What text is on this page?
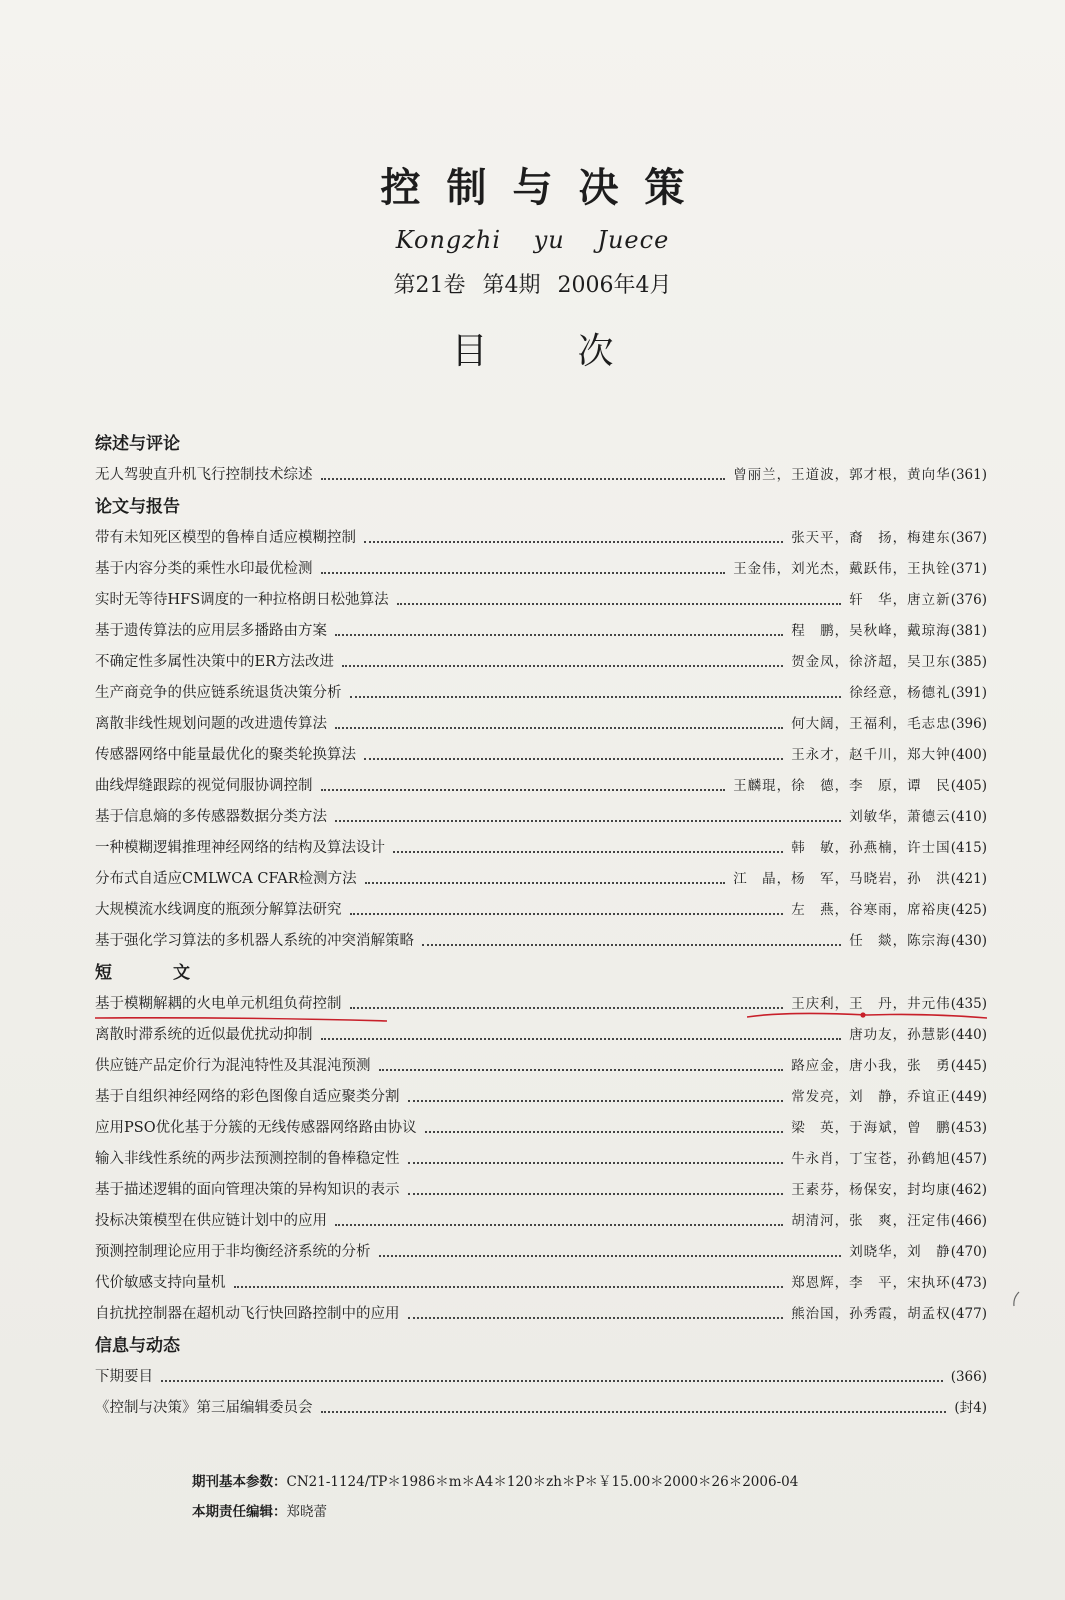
控制与决策
Kongzhi yu Juece
第21卷 第4期 2006年4月
目次
综述与评论
无人驾驶直升机飞行控制技术综述	曾丽兰，王道波，郭才根，黄向华 (361)
论文与报告
带有未知死区模型的鲁棒自适应模糊控制	张天平，裔　扬，梅建东 (367)
基于内容分类的乘性水印最优检测	王金伟，刘光杰，戴跃伟，王执铨 (371)
实时无等待HFS调度的一种拉格朗日松弛算法	轩　华，唐立新 (376)
基于遗传算法的应用层多播路由方案	程　鹏，吴秋峰，戴琼海 (381)
不确定性多属性决策中的ER方法改进	贺金凤，徐济超，吴卫东 (385)
生产商竞争的供应链系统退货决策分析	徐经意，杨德礼 (391)
离散非线性规划问题的改进遗传算法	何大阔，王福利，毛志忠 (396)
传感器网络中能量最优化的聚类轮换算法	王永才，赵千川，郑大钟 (400)
曲线焊缝跟踪的视觉伺服协调控制	王麟琨，徐　德，李　原，谭　民 (405)
基于信息熵的多传感器数据分类方法	刘敏华，萧德云 (410)
一种模糊逻辑推理神经网络的结构及算法设计	韩　敏，孙燕楠，许士国 (415)
分布式自适应CMLWCA CFAR检测方法	江　晶，杨　军，马晓岩，孙　洪 (421)
大规模流水线调度的瓶颈分解算法研究	左　燕，谷寒雨，席裕庚 (425)
基于强化学习算法的多机器人系统的冲突消解策略	任　燚，陈宗海 (430)
短　文
基于模糊解耦的火电单元机组负荷控制	王庆利，王　丹，井元伟 (435)
离散时滞系统的近似最优扰动抑制	唐功友，孙慧影 (440)
供应链产品定价行为混沌特性及其混沌预测	路应金，唐小我，张　勇 (445)
基于自组织神经网络的彩色图像自适应聚类分割	常发亮，刘　静，乔谊正 (449)
应用PSO优化基于分簇的无线传感器网络路由协议	梁　英，于海斌，曾　鹏 (453)
输入非线性系统的两步法预测控制的鲁棒稳定性	牛永肖，丁宝苍，孙鹤旭 (457)
基于描述逻辑的面向管理决策的异构知识的表示	王素芬，杨保安，封均康 (462)
投标决策模型在供应链计划中的应用	胡清河，张　爽，汪定伟 (466)
预测控制理论应用于非均衡经济系统的分析	刘晓华，刘　静 (470)
代价敏感支持向量机	郑恩辉，李　平，宋执环 (473)
自抗扰控制器在超机动飞行快回路控制中的应用	熊治国，孙秀霞，胡孟权 (477)
信息与动态
下期要目	(366)
《控制与决策》第三届编辑委员会	(封4)
期刊基本参数：CN21-1124/TP＊1986＊m＊A4＊120＊zh＊P＊￥15.00＊2000＊26＊2006-04
本期责任编辑：郑晓蕾
